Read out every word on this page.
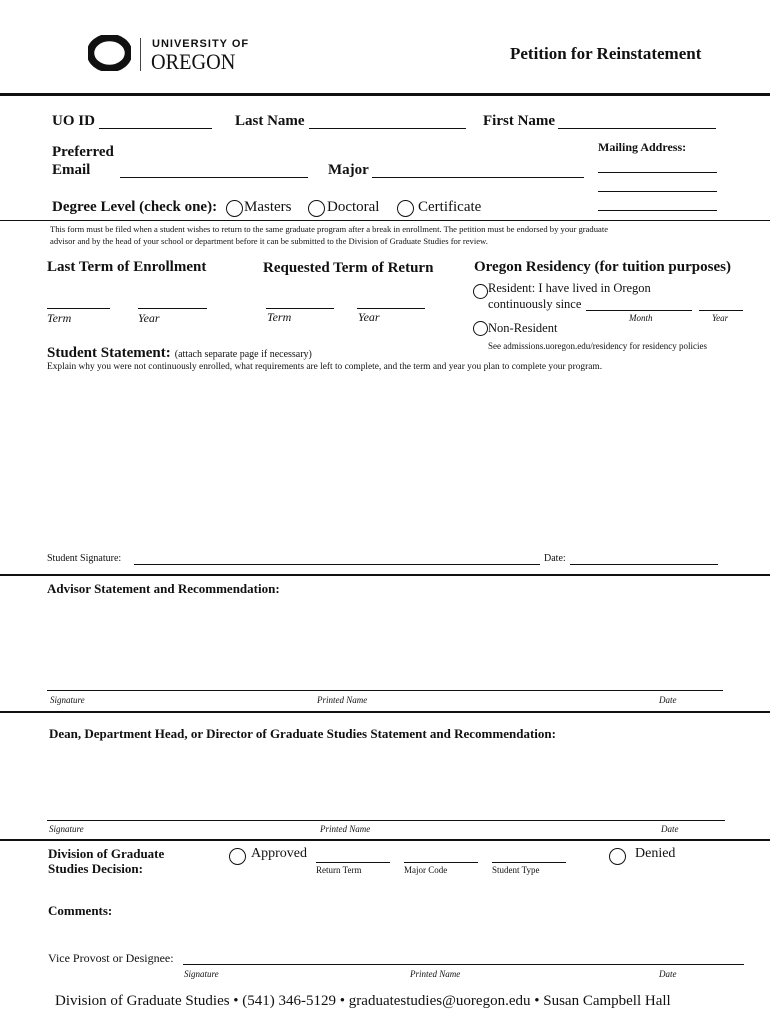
UNIVERSITY OF
OREGON	Petition for Reinstatement
UO ID	Last Name	First Name
Preferred
Email	Major
Mailing Address:
Degree Level (check one): Masters Doctoral	Certificate
This form must be filed when a student wishes to return to the same graduate program after a break in enrollment. The petition must be endorsed by your graduate
advisor and by the head of your school or department before it can be submitted to the Division of Graduate Studies for review.
Last Term of Enrollment
Term	Year
Requested Term of Return
Term	Year
Oregon Residency (for tuition purposes)
Resident: I have lived in Oregon
continuously since
Month	Year
Non-Resident
See admissions.uoregon.edu/residency for residency policies
Student Statement: (attach separate page if necessary)
Explain why you were not continuously enrolled, what requirements are left to complete, and the term and year you plan to complete your program.
Student Signature:	Date:
Advisor Statement and Recommendation:
Signature	Printed Name	Date
Dean, Department Head, or Director of Graduate Studies Statement and Recommendation:
Signature	Printed Name	Date
Division of Graduate
Studies Decision:
Approved
Return Term	Major Code	Student Type
Denied
Comments:
Vice Provost or Designee:
Signature	Printed Name	Date
Division of Graduate Studies • (541) 346-5129 • graduatestudies@uoregon.edu • Susan Campbell Hall
